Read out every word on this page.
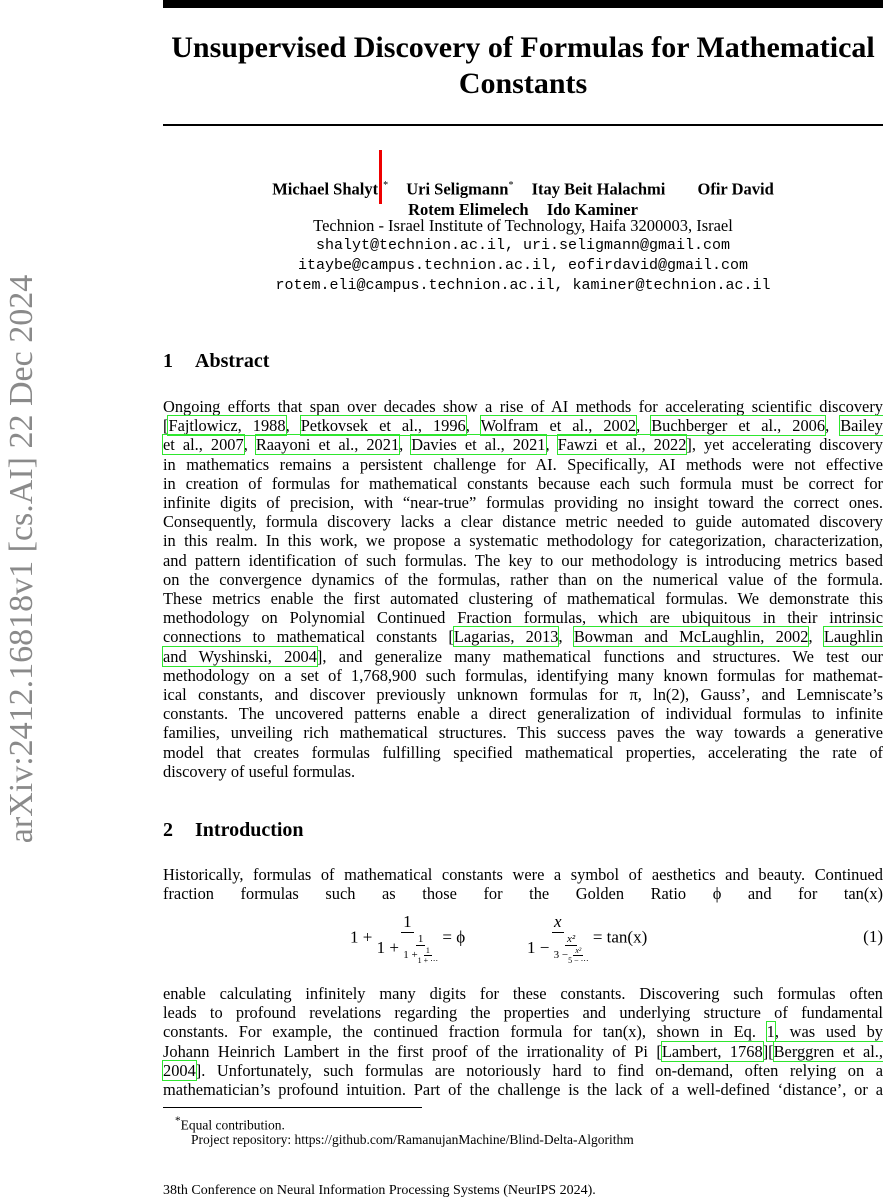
arXiv:2412.16818v1 [cs.AI] 22 Dec 2024
Unsupervised Discovery of Formulas for Mathematical
Constants
Michael Shalyt * Uri Seligmann* Itay Beit Halachmi Ofir David
Rotem Elimelech Ido Kaminer
Technion - Israel Institute of Technology, Haifa 3200003, Israel
shalyt@technion.ac.il, uri.seligmann@gmail.com
itaybe@campus.technion.ac.il, eofirdavid@gmail.com
rotem.eli@campus.technion.ac.il, kaminer@technion.ac.il
1 Abstract
Ongoing efforts that span over decades show a rise of AI methods for accelerating scientific discovery
[Fajtlowicz, 1988, Petkovsek et al., 1996, Wolfram et al., 2002, Buchberger et al., 2006, Bailey
et al., 2007, Raayoni et al., 2021, Davies et al., 2021, Fawzi et al., 2022], yet accelerating discovery
in mathematics remains a persistent challenge for AI. Specifically, AI methods were not effective
in creation of formulas for mathematical constants because each such formula must be correct for
infinite digits of precision, with “near-true” formulas providing no insight toward the correct ones.
Consequently, formula discovery lacks a clear distance metric needed to guide automated discovery
in this realm. In this work, we propose a systematic methodology for categorization, characterization,
and pattern identification of such formulas. The key to our methodology is introducing metrics based
on the convergence dynamics of the formulas, rather than on the numerical value of the formula.
These metrics enable the first automated clustering of mathematical formulas. We demonstrate this
methodology on Polynomial Continued Fraction formulas, which are ubiquitous in their intrinsic
connections to mathematical constants [Lagarias, 2013, Bowman and McLaughlin, 2002, Laughlin
and Wyshinski, 2004], and generalize many mathematical functions and structures. We test our
methodology on a set of 1,768,900 such formulas, identifying many known formulas for mathemat-
ical constants, and discover previously unknown formulas for π, ln(2), Gauss’, and Lemniscate’s
constants. The uncovered patterns enable a direct generalization of individual formulas to infinite
families, unveiling rich mathematical structures. This success paves the way towards a generative
model that creates formulas fulfilling specified mathematical properties, accelerating the rate of
discovery of useful formulas.
2 Introduction
Historically, formulas of mathematical constants were a symbol of aesthetics and beauty. Continued
fraction formulas such as those for the Golden Ratio ϕ and for tan(x)
$1 + \frac{1}{1 + \frac{1}{1 + \frac{1}{1 + \cdots}}} = \phi$	$\frac{x}{1 - \frac{\text{x²}}{3 - \frac{\text{x²}}{5 - \cdots}}} = \tan(x)$	(1)
enable calculating infinitely many digits for these constants. Discovering such formulas often
leads to profound revelations regarding the properties and underlying structure of fundamental
constants. For example, the continued fraction formula for tan(x), shown in Eq. 1, was used by
Johann Heinrich Lambert in the first proof of the irrationality of Pi [Lambert, 1768][Berggren et al.,
2004]. Unfortunately, such formulas are notoriously hard to find on-demand, often relying on a
mathematician’s profound intuition. Part of the challenge is the lack of a well-defined ‘distance’, or a
*Equal contribution.
Project repository: https://github.com/RamanujanMachine/Blind-Delta-Algorithm
38th Conference on Neural Information Processing Systems (NeurIPS 2024).
